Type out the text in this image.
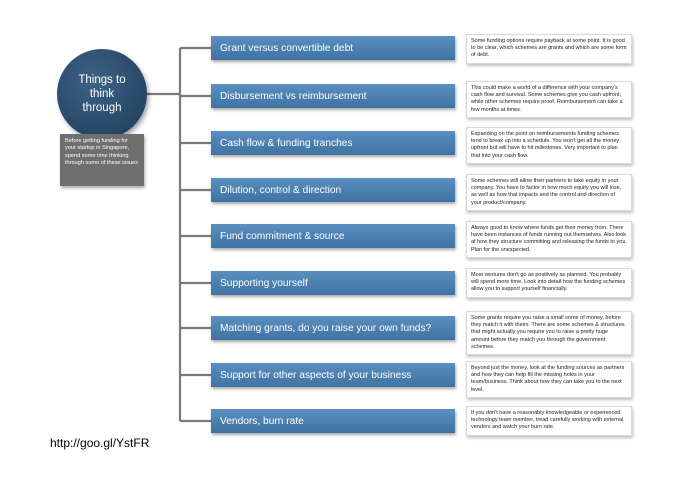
Things to think through
Before getting funding for your startup in Singapore, spend some time thinking through some of these issues
Grant versus convertible debt
Disbursement vs reimbursement
Cash flow & funding tranches
Dilution, control & direction
Fund commitment & source
Supporting yourself
Matching grants, do you raise your own funds?
Support for other aspects of your business
Vendors, burn rate
Some funding options require payback at some point. It is good to be clear, which schemes are grants and which are some form of debt.
This could make a world of a difference with your company's cash flow and survival. Some schemes give you cash upfront, while other schemes require proof. Reimbursement can take a few months at times.
Expanding on the point on reimbursements funding schemes tend to break up into a schedule. You won't get all the money upfront but will have to hit milestones. Very important to plan that into your cash flow.
Some schemes will allow their partners to take equity in your company. You have to factor in how much equity you will lose, as well as how that impacts and the control and direction of your product/company.
Always good to know where funds get their money from. There have been instances of funds running out themselves. Also look at how they structure committing and releasing the funds to you. Plan for the unexpected.
Most ventures don't go as positively as planned. You probably will spend more time. Look into detail how the funding schemes allow you to support yourself financially.
Some grants require you raise a small some of money, before they match it with theirs. There are some schemes & structures that might actually you require you to raise a pretty huge amount before they match you through the government schemes.
Beyond just the money, look at the funding sources as partners and how they can help fill the missing holes in your team/business. Think about how they can take you to the next level.
If you don't have a reasonably knowledgeable or experienced technology team member, tread carefully working with external vendors and watch your burn rate.
http://goo.gl/YstFR
